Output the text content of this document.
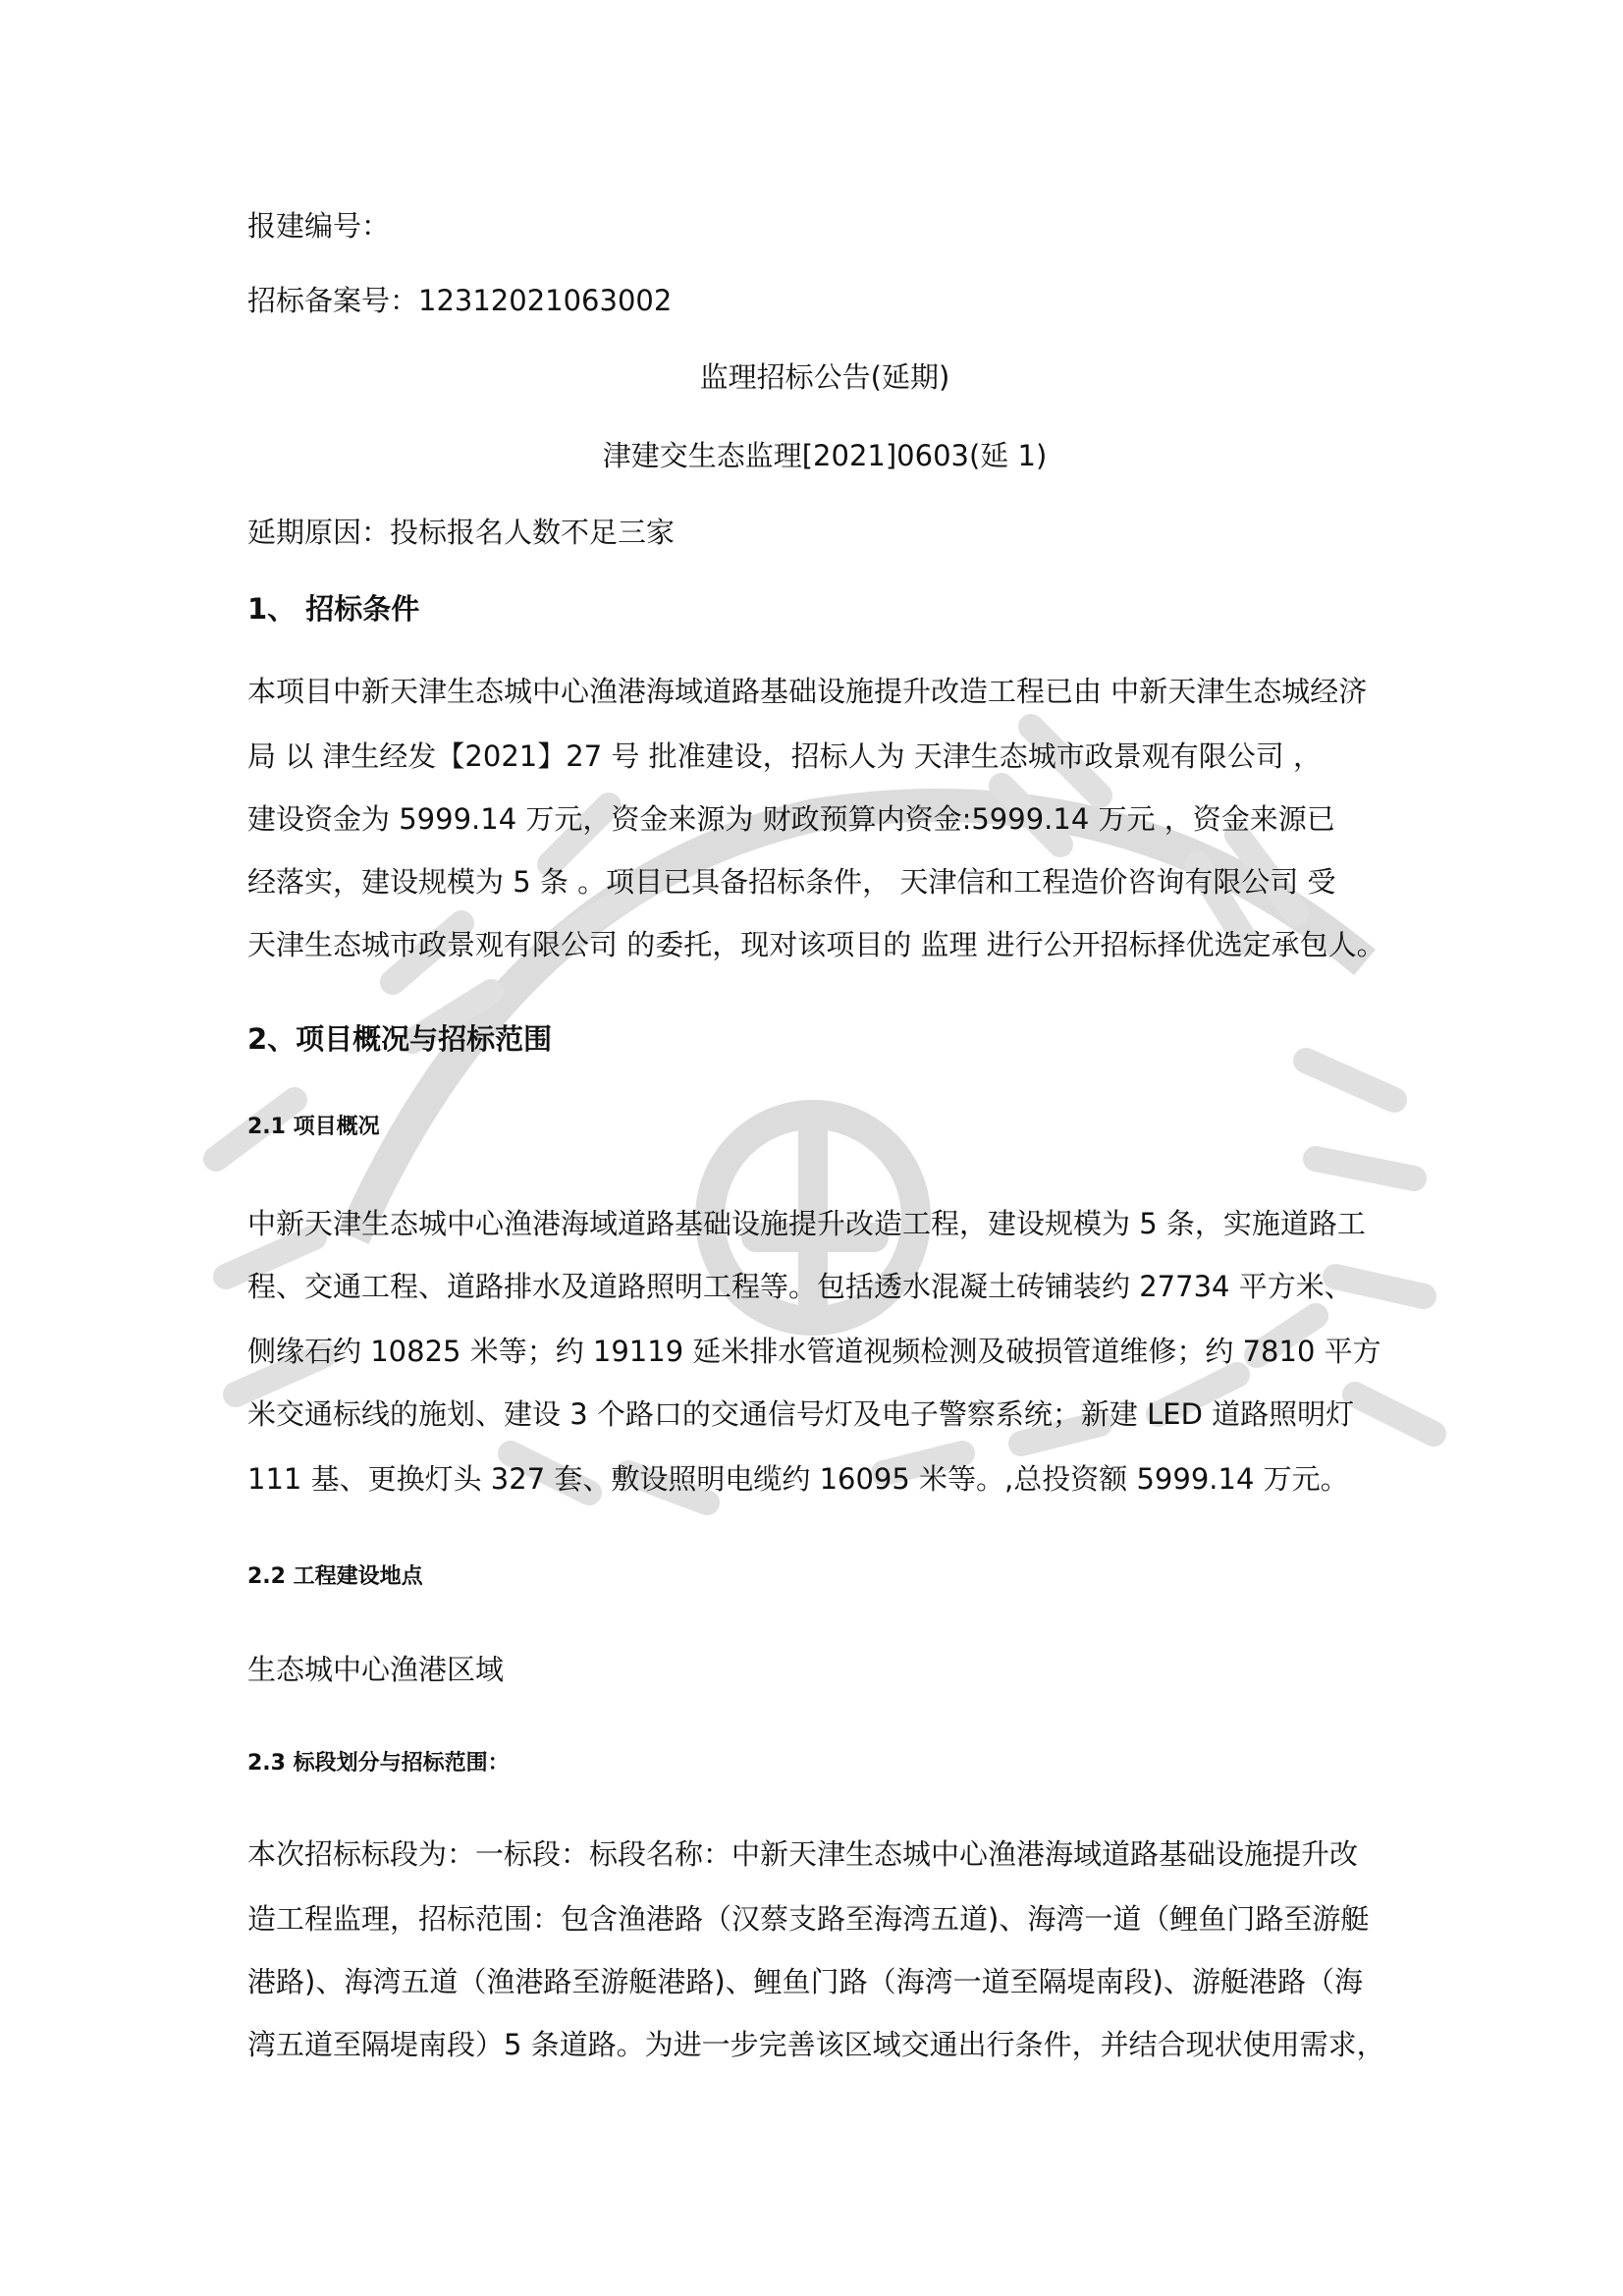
报建编号：
招标备案号：12312021063002
监理招标公告(延期)
津建交生态监理[2021]0603(延 1)
延期原因：投标报名人数不足三家
1、 招标条件
本项目中新天津生态城中心渔港海域道路基础设施提升改造工程已由 中新天津生态城经济
局 以 津生经发【2021】27 号 批准建设，招标人为 天津生态城市政景观有限公司 ，
建设资金为 5999.14 万元，资金来源为 财政预算内资金:5999.14 万元 ，资金来源已
经落实，建设规模为 5 条 。项目已具备招标条件， 天津信和工程造价咨询有限公司 受
天津生态城市政景观有限公司 的委托，现对该项目的 监理 进行公开招标择优选定承包人。
2、项目概况与招标范围
2.1 项目概况
中新天津生态城中心渔港海域道路基础设施提升改造工程，建设规模为 5 条，实施道路工
程、交通工程、道路排水及道路照明工程等。包括透水混凝土砖铺装约 27734 平方米、
侧缘石约 10825 米等；约 19119 延米排水管道视频检测及破损管道维修；约 7810 平方
米交通标线的施划、建设 3 个路口的交通信号灯及电子警察系统；新建 LED 道路照明灯
111 基、更换灯头 327 套、敷设照明电缆约 16095 米等。,总投资额 5999.14 万元。
2.2 工程建设地点
生态城中心渔港区域
2.3 标段划分与招标范围：
本次招标标段为：一标段：标段名称：中新天津生态城中心渔港海域道路基础设施提升改
造工程监理，招标范围：包含渔港路（汉蔡支路至海湾五道)、海湾一道（鲤鱼门路至游艇
港路)、海湾五道（渔港路至游艇港路)、鲤鱼门路（海湾一道至隔堤南段)、游艇港路（海
湾五道至隔堤南段）5 条道路。为进一步完善该区域交通出行条件，并结合现状使用需求，
